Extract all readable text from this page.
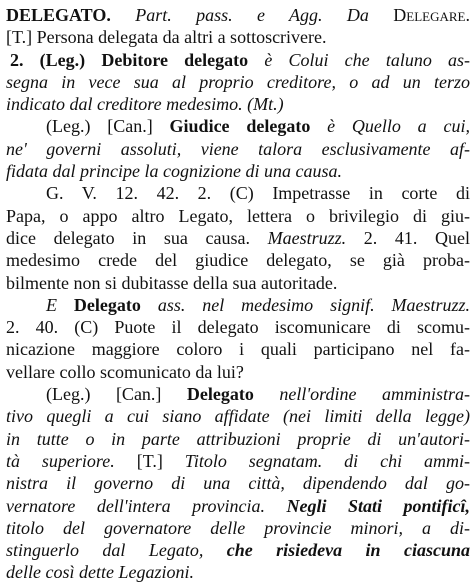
DELEGATO. Part. pass. e Agg. Da Delegare.
[T.] Persona delegata da altri a sottoscrivere.
2. (Leg.) Debitore delegato è Colui che taluno as-
segna in vece sua al proprio creditore, o ad un terzo
indicato dal creditore medesimo. (Mt.)
(Leg.) [Can.] Giudice delegato è Quello a cui,
ne' governi assoluti, viene talora esclusivamente af-
fidata dal principe la cognizione di una causa.
G. V. 12. 42. 2. (C) Impetrasse in corte di
Papa, o appo altro Legato, lettera o brivilegio di giu-
dice delegato in sua causa. Maestruzz. 2. 41. Quel
medesimo crede del giudice delegato, se già proba-
bilmente non si dubitasse della sua autoritade.
E Delegato ass. nel medesimo signif. Maestruzz.
2. 40. (C) Puote il delegato iscomunicare di scomu-
nicazione maggiore coloro i quali participano nel fa-
vellare collo scomunicato da lui?
(Leg.) [Can.] Delegato nell'ordine amministra-
tivo quegli a cui siano affidate (nei limiti della legge)
in tutte o in parte attribuzioni proprie di un'autori-
tà superiore. [T.] Titolo segnatam. di chi ammi-
nistra il governo di una città, dipendendo dal go-
vernatore dell'intera provincia. Negli Stati pontificî,
titolo del governatore delle provincie minori, a di-
stinguerlo dal Legato, che risiedeva in ciascuna
delle così dette Legazioni.
